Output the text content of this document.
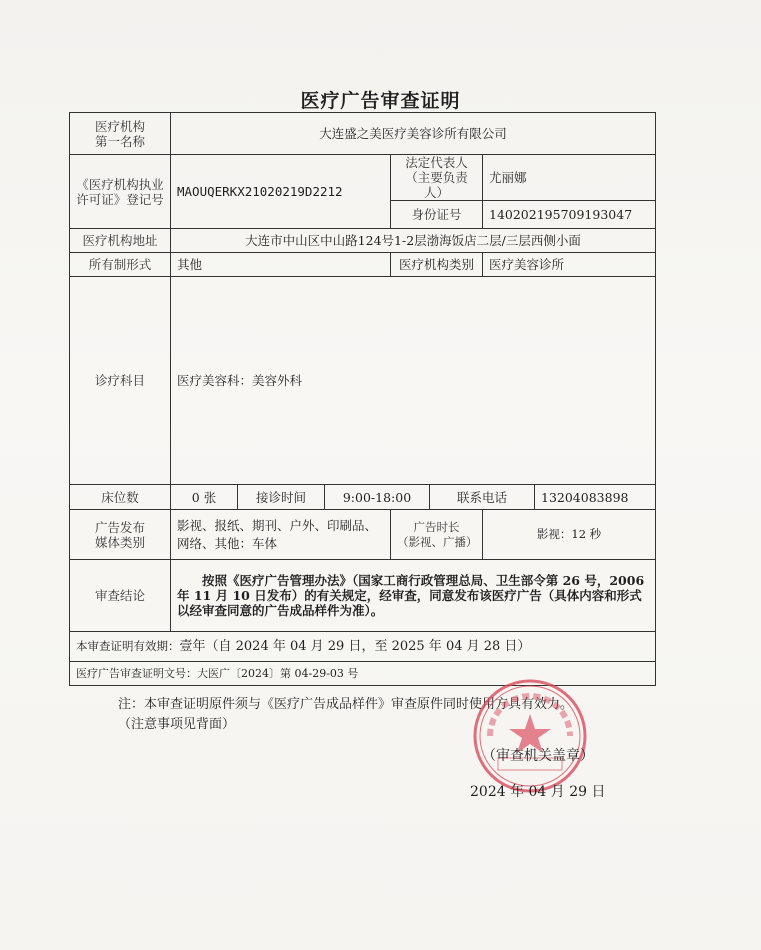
医疗广告审查证明
医疗机构
第一名称	大连盛之美医疗美容诊所有限公司
《医疗机构执业
许可证》登记号	MAOUQERKX21020219D2212	法定代表人
（主要负责人）	尤丽娜
身份证号	140202195709193047
医疗机构地址	大连市中山区中山路124号1-2层渤海饭店二层/三层西侧小面
所有制形式	其他	医疗机构类别	医疗美容诊所
诊疗科目	医疗美容科：美容外科
床位数		0 张	接诊时间	9:00-18:00	联系电话	13204083898

广告发布
媒体类别	影视、报纸、期刊、户外、印刷品、网络、其他：车体	广告时长
（影视、广播）	影视：12 秒
审查结论	
按照《医疗广告管理办法》（国家工商行政管理总局、卫生部令第 26 号，2006 年 11 月 10 日发布）的有关规定，经审查，同意发布该医疗广告（具体内容和形式以经审查同意的广告成品样件为准）。

本审查证明有效期：壹年（自 2024 年 04 月 29 日，至 2025 年 04 月 28 日）
医疗广告审查证明文号：大医广〔2024〕第 04-29-03 号
注：本审查证明原件须与《医疗广告成品样件》审查原件同时使用方具有效力。
（注意事项见背面）
（审查机关盖章）
2024 年 04 月 29 日
